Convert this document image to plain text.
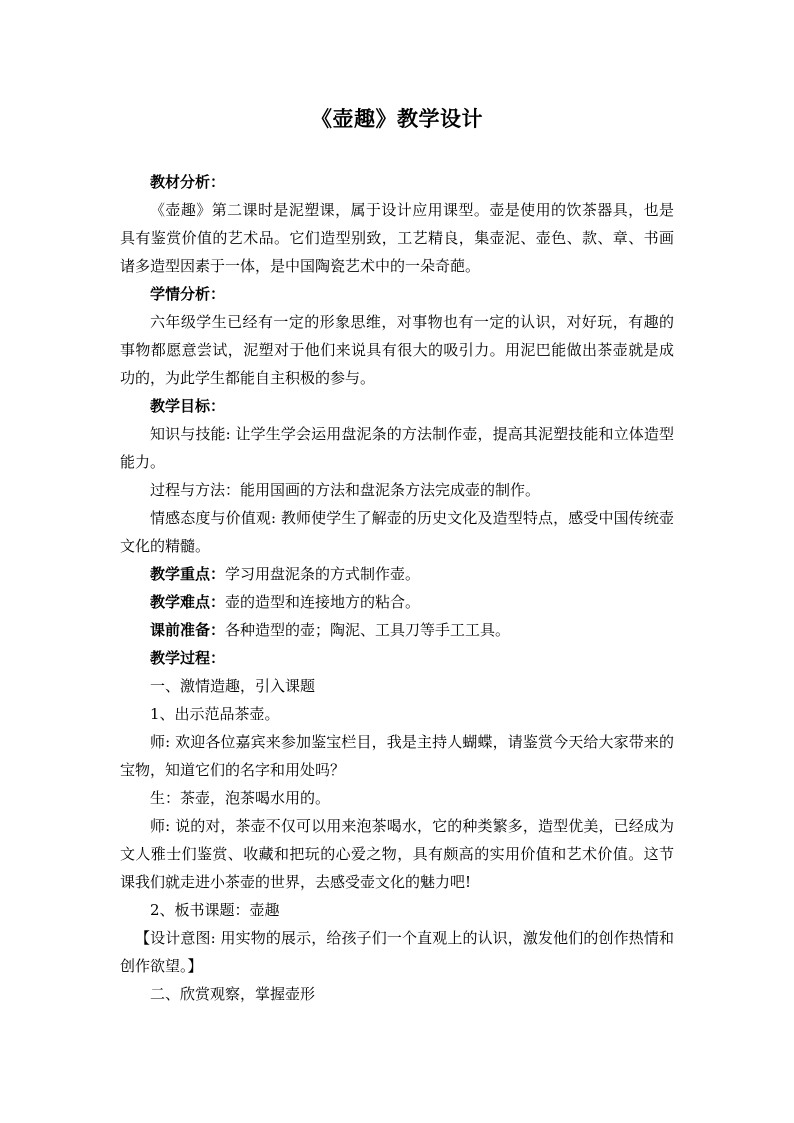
《壶趣》教学设计

教材分析：

《壶趣》第二课时是泥塑课，属于设计应用课型。壶是使用的饮茶器具，也是具有鉴赏价值的艺术品。它们造型别致，工艺精良，集壶泥、壶色、款、章、书画诸多造型因素于一体，是中国陶瓷艺术中的一朵奇葩。

学情分析：

六年级学生已经有一定的形象思维，对事物也有一定的认识，对好玩，有趣的事物都愿意尝试，泥塑对于他们来说具有很大的吸引力。用泥巴能做出茶壶就是成功的，为此学生都能自主积极的参与。

教学目标：

知识与技能: 让学生学会运用盘泥条的方法制作壶，提高其泥塑技能和立体造型能力。

过程与方法：能用国画的方法和盘泥条方法完成壶的制作。

情感态度与价值观: 教师使学生了解壶的历史文化及造型特点，感受中国传统壶文化的精髓。

教学重点：学习用盘泥条的方式制作壶。

教学难点：壶的造型和连接地方的粘合。

课前准备：各种造型的壶；陶泥、工具刀等手工工具。

教学过程：

一、激情造趣，引入课题

1、出示范品茶壶。

师: 欢迎各位嘉宾来参加鉴宝栏目，我是主持人蝴蝶，请鉴赏今天给大家带来的宝物，知道它们的名字和用处吗？

生：茶壶，泡茶喝水用的。

师: 说的对，茶壶不仅可以用来泡茶喝水，它的种类繁多，造型优美，已经成为文人雅士们鉴赏、收藏和把玩的心爱之物，具有颇高的实用价值和艺术价值。这节课我们就走进小茶壶的世界，去感受壶文化的魅力吧!

2、板书课题：壶趣

【设计意图: 用实物的展示，给孩子们一个直观上的认识，激发他们的创作热情和创作欲望。】

二、欣赏观察，掌握壶形
